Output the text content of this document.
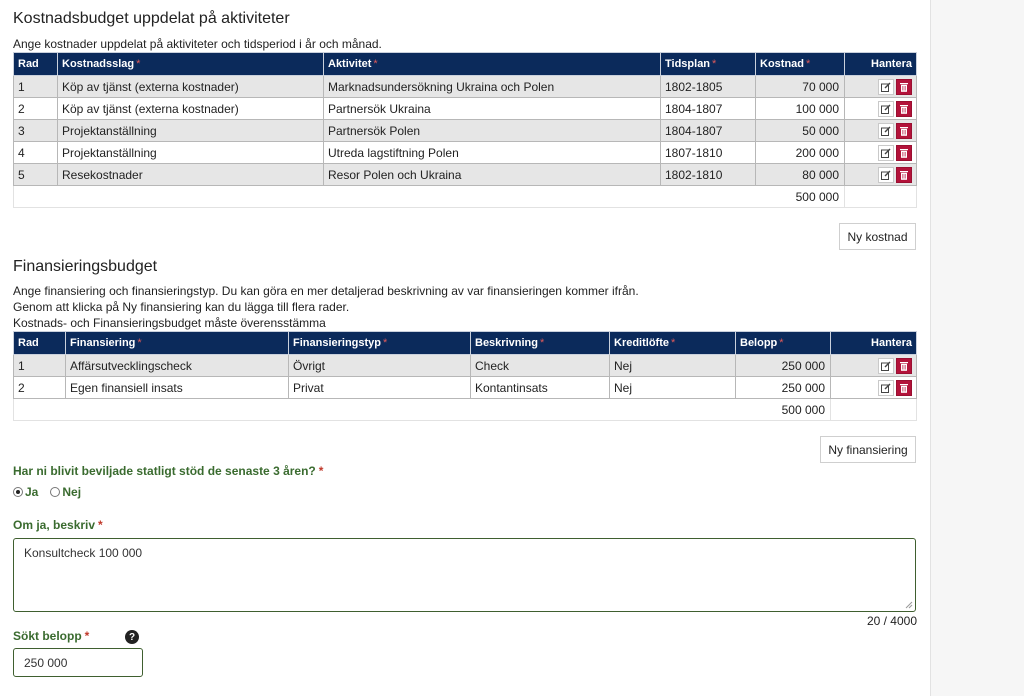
Kostnadsbudget uppdelat på aktiviteter
Ange kostnader uppdelat på aktiviteter och tidsperiod i år och månad.
Rad	Kostnadsslag *	Aktivitet *	Tidsplan *	Kostnad *	Hantera
1	Köp av tjänst (externa kostnader)	Marknadsundersökning Ukraina och Polen	1802-1805	70 000	

2	Köp av tjänst (externa kostnader)	Partnersök Ukraina	1804-1807	100 000	

3	Projektanställning	Partnersök Polen	1804-1807	50 000	

4	Projektanställning	Utreda lagstiftning Polen	1807-1810	200 000	

5	Resekostnader	Resor Polen och Ukraina	1802-1810	80 000	

500 000					
Ny kostnad
Finansieringsbudget
Ange finansiering och finansieringstyp. Du kan göra en mer detaljerad beskrivning av var finansieringen kommer ifrån.
Genom att klicka på Ny finansiering kan du lägga till flera rader.
Kostnads- och Finansieringsbudget måste överensstämma
Rad	Finansiering *	Finansieringstyp *	Beskrivning *	Kreditlöfte *	Belopp *	Hantera
1	Affärsutvecklingscheck	Övrigt	Check	Nej	250 000	

2	Egen finansiell insats	Privat	Kontantinsats	Nej	250 000	

500 000						
Ny finansiering
Har ni blivit beviljade statligt stöd de senaste 3 åren? *
Ja Nej
Om ja, beskriv *
Konsultcheck 100 000
20 / 4000
Sökt belopp *	?
250 000
